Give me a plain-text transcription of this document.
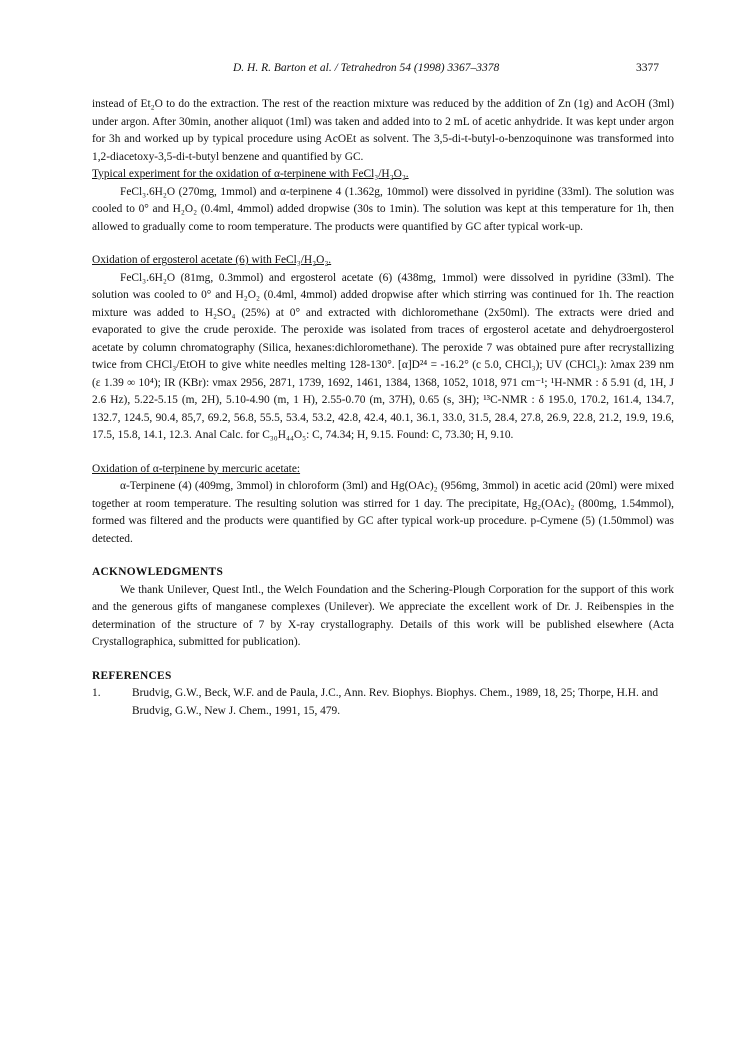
D. H. R. Barton et al. / Tetrahedron 54 (1998) 3367–3378	3377

instead of Et₂O to do the extraction. The rest of the reaction mixture was reduced by the addition of Zn (1g) and AcOH (3ml) under argon. After 30min, another aliquot (1ml) was taken and added into to 2 mL of acetic anhydride. It was kept under argon for 3h and worked up by typical procedure using AcOEt as solvent. The 3,5-di-t-butyl-o-benzoquinone was transformed into 1,2-diacetoxy-3,5-di-t-butyl benzene and quantified by GC.

Typical experiment for the oxidation of α-terpinene with FeCl₃/H₂O₂.

FeCl₃.6H₂O (270mg, 1mmol) and α-terpinene 4 (1.362g, 10mmol) were dissolved in pyridine (33ml). The solution was cooled to 0° and H₂O₂ (0.4ml, 4mmol) added dropwise (30s to 1min). The solution was kept at this temperature for 1h, then allowed to gradually come to room temperature. The products were quantified by GC after typical work-up.

Oxidation of ergosterol acetate (6) with FeCl₃/H₂O₂.

FeCl₃.6H₂O (81mg, 0.3mmol) and ergosterol acetate (6) (438mg, 1mmol) were dissolved in pyridine (33ml). The solution was cooled to 0° and H₂O₂ (0.4ml, 4mmol) added dropwise after which stirring was continued for 1h. The reaction mixture was added to H₂SO₄ (25%) at 0° and extracted with dichloromethane (2x50ml). The extracts were dried and evaporated to give the crude peroxide. The peroxide was isolated from traces of ergosterol acetate and dehydroergosterol acetate by column chromatography (Silica, hexanes:dichloromethane). The peroxide 7 was obtained pure after recrystallizing twice from CHCl₃/EtOH to give white needles melting 128-130°. [α]D²⁴ = -16.2° (c 5.0, CHCl₃); UV (CHCl₃): λmax 239 nm (ε 1.39 ∞ 10⁴); IR (KBr): νmax 2956, 2871, 1739, 1692, 1461, 1384, 1368, 1052, 1018, 971 cm⁻¹; ¹H-NMR : δ 5.91 (d, 1H, J 2.6 Hz), 5.22-5.15 (m, 2H), 5.10-4.90 (m, 1 H), 2.55-0.70 (m, 37H), 0.65 (s, 3H); ¹³C-NMR : δ 195.0, 170.2, 161.4, 134.7, 132.7, 124.5, 90.4, 85,7, 69.2, 56.8, 55.5, 53.4, 53.2, 42.8, 42.4, 40.1, 36.1, 33.0, 31.5, 28.4, 27.8, 26.9, 22.8, 21.2, 19.9, 19.6, 17.5, 15.8, 14.1, 12.3. Anal Calc. for C₃₀H₄₄O₅: C, 74.34; H, 9.15. Found: C, 73.30; H, 9.10.

Oxidation of α-terpinene by mercuric acetate:

α-Terpinene (4) (409mg, 3mmol) in chloroform (3ml) and Hg(OAc)₂ (956mg, 3mmol) in acetic acid (20ml) were mixed together at room temperature. The resulting solution was stirred for 1 day. The precipitate, Hg₂(OAc)₂ (800mg, 1.54mmol), formed was filtered and the products were quantified by GC after typical work-up procedure. p-Cymene (5) (1.50mmol) was detected.

ACKNOWLEDGMENTS

We thank Unilever, Quest Intl., the Welch Foundation and the Schering-Plough Corporation for the support of this work and the generous gifts of manganese complexes (Unilever). We appreciate the excellent work of Dr. J. Reibenspies in the determination of the structure of 7 by X-ray crystallography. Details of this work will be published elsewhere (Acta Crystallographica, submitted for publication).

REFERENCES

1.	Brudvig, G.W., Beck, W.F. and de Paula, J.C., Ann. Rev. Biophys. Biophys. Chem., 1989, 18, 25; Thorpe, H.H. and Brudvig, G.W., New J. Chem., 1991, 15, 479.
